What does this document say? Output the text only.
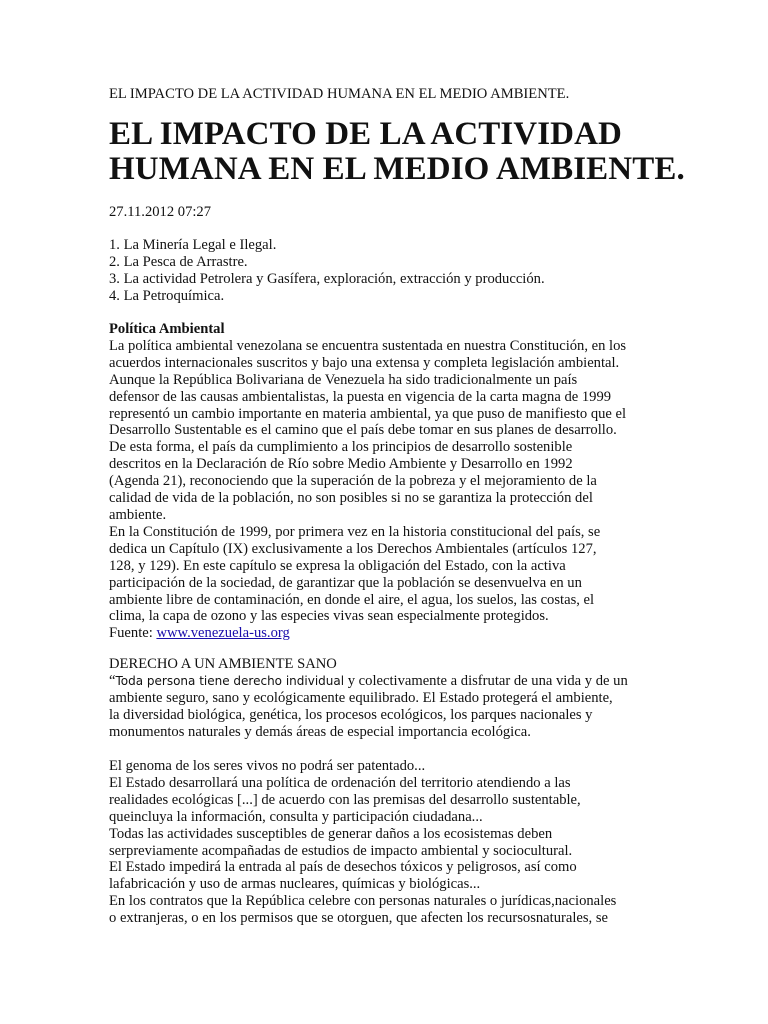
EL IMPACTO DE LA ACTIVIDAD HUMANA EN EL MEDIO AMBIENTE.
EL IMPACTO DE LA ACTIVIDAD
HUMANA EN EL MEDIO AMBIENTE.
27.11.2012 07:27
1. La Minería Legal e Ilegal.
2. La Pesca de Arrastre.
3. La actividad Petrolera y Gasífera, exploración, extracción y producción.
4. La Petroquímica.
Política Ambiental
La política ambiental venezolana se encuentra sustentada en nuestra Constitución, en los
acuerdos internacionales suscritos y bajo una extensa y completa legislación ambiental.
Aunque la República Bolivariana de Venezuela ha sido tradicionalmente un país
defensor de las causas ambientalistas, la puesta en vigencia de la carta magna de 1999
representó un cambio importante en materia ambiental, ya que puso de manifiesto que el
Desarrollo Sustentable es el camino que el país debe tomar en sus planes de desarrollo.
De esta forma, el país da cumplimiento a los principios de desarrollo sostenible
descritos en la Declaración de Río sobre Medio Ambiente y Desarrollo en 1992
(Agenda 21), reconociendo que la superación de la pobreza y el mejoramiento de la
calidad de vida de la población, no son posibles si no se garantiza la protección del
ambiente.
En la Constitución de 1999, por primera vez en la historia constitucional del país, se
dedica un Capítulo (IX) exclusivamente a los Derechos Ambientales (artículos 127,
128, y 129). En este capítulo se expresa la obligación del Estado, con la activa
participación de la sociedad, de garantizar que la población se desenvuelva en un
ambiente libre de contaminación, en donde el aire, el agua, los suelos, las costas, el
clima, la capa de ozono y las especies vivas sean especialmente protegidos.
Fuente: www.venezuela-us.org
DERECHO A UN AMBIENTE SANO
“Toda persona tiene derecho individual y colectivamente a disfrutar de una vida y de un
ambiente seguro, sano y ecológicamente equilibrado. El Estado protegerá el ambiente,
la diversidad biológica, genética, los procesos ecológicos, los parques nacionales y
monumentos naturales y demás áreas de especial importancia ecológica.
El genoma de los seres vivos no podrá ser patentado...
El Estado desarrollará una política de ordenación del territorio atendiendo a las
realidades ecológicas [...] de acuerdo con las premisas del desarrollo sustentable,
queincluya la información, consulta y participación ciudadana...
Todas las actividades susceptibles de generar daños a los ecosistemas deben
serpreviamente acompañadas de estudios de impacto ambiental y sociocultural.
El Estado impedirá la entrada al país de desechos tóxicos y peligrosos, así como
lafabricación y uso de armas nucleares, químicas y biológicas...
En los contratos que la República celebre con personas naturales o jurídicas,nacionales
o extranjeras, o en los permisos que se otorguen, que afecten los recursosnaturales, se
